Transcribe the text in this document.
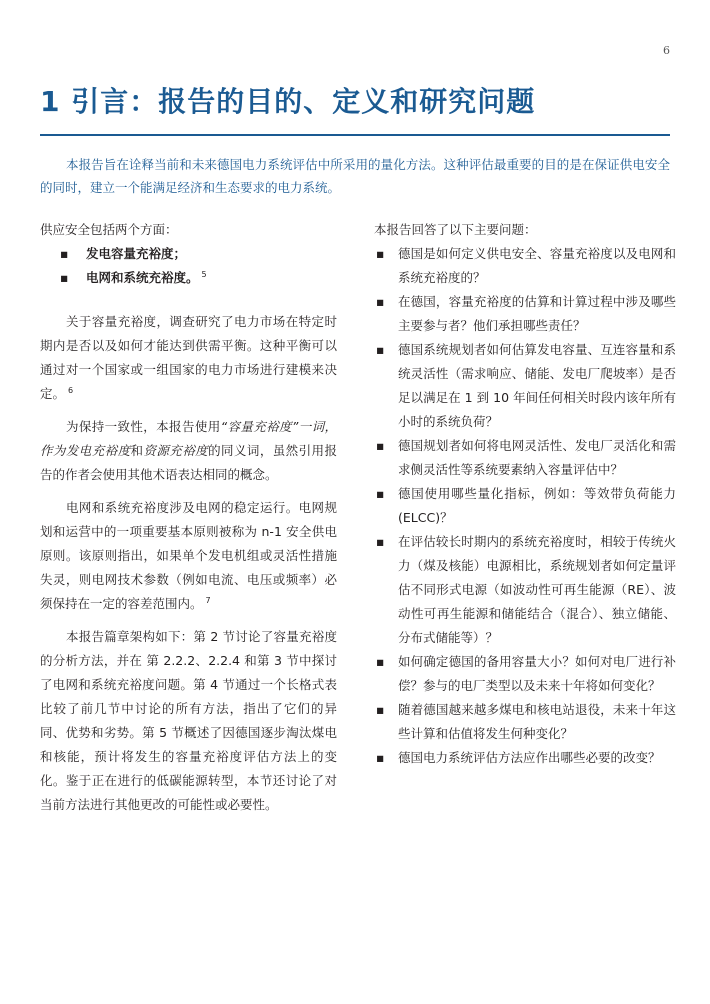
6
1 引言：报告的目的、定义和研究问题

本报告旨在诠释当前和未来德国电力系统评估中所采用的量化方法。这种评估最重要的目的是在保证供电安全的同时，建立一个能满足经济和生态要求的电力系统。

供应安全包括两个方面：

▪ 发电容量充裕度；
▪ 电网和系统充裕度。 $^5$

关于容量充裕度，调查研究了电力市场在特定时期内是否以及如何才能达到供需平衡。这种平衡可以通过对一个国家或一组国家的电力市场进行建模来决定。 $^6$

为保持一致性，本报告使用“容量充裕度”一词，作为发电充裕度和资源充裕度的同义词，虽然引用报告的作者会使用其他术语表达相同的概念。

电网和系统充裕度涉及电网的稳定运行。电网规划和运营中的一项重要基本原则被称为 n-1 安全供电原则。该原则指出，如果单个发电机组或灵活性措施失灵，则电网技术参数（例如电流、电压或频率）必须保持在一定的容差范围内。 $^7$

本报告篇章架构如下：第 2 节讨论了容量充裕度的分析方法，并在 第 2.2.2、2.2.4 和第 3 节中探讨了电网和系统充裕度问题。第 4 节通过一个长格式表比较了前几节中讨论的所有方法，指出了它们的异同、优势和劣势。第 5 节概述了因德国逐步淘汰煤电和核能，预计将发生的容量充裕度评估方法上的变化。鉴于正在进行的低碳能源转型，本节还讨论了对当前方法进行其他更改的可能性或必要性。

本报告回答了以下主要问题：

▪ 德国是如何定义供电安全、容量充裕度以及电网和系统充裕度的？
▪ 在德国，容量充裕度的估算和计算过程中涉及哪些主要参与者？他们承担哪些责任？
▪ 德国系统规划者如何估算发电容量、互连容量和系统灵活性（需求响应、储能、发电厂爬坡率）是否足以满足在 1 到 10 年间任何相关时段内该年所有小时的系统负荷？
▪ 德国规划者如何将电网灵活性、发电厂灵活化和需求侧灵活性等系统要素纳入容量评估中？
▪ 德国使用哪些量化指标，例如：等效带负荷能力(ELCC)？
▪ 在评估较长时期内的系统充裕度时，相较于传统火力（煤及核能）电源相比，系统规划者如何定量评估不同形式电源（如波动性可再生能源（RE）、波动性可再生能源和储能结合（混合）、独立储能、分布式储能等）？
▪ 如何确定德国的备用容量大小？如何对电厂进行补偿？参与的电厂类型以及未来十年将如何变化？
▪ 随着德国越来越多煤电和核电站退役，未来十年这些计算和估值将发生何种变化？
▪ 德国电力系统评估方法应作出哪些必要的改变？
